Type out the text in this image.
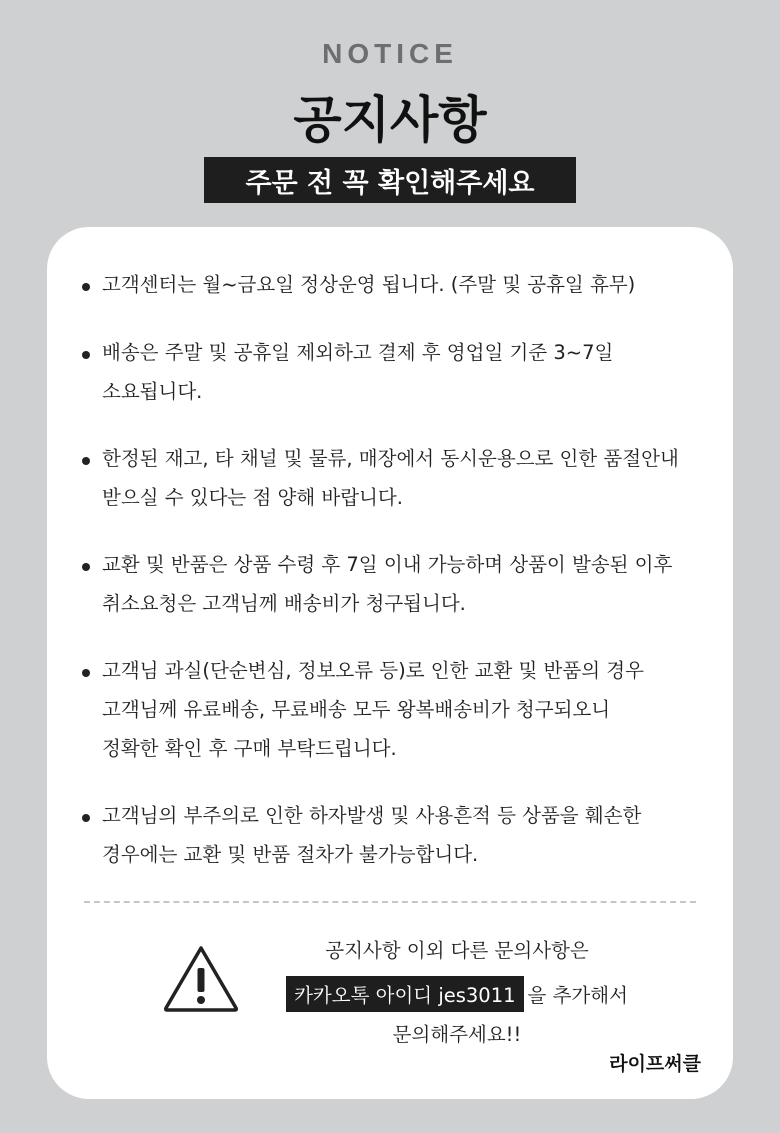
NOTICE
공지사항
주문 전 꼭 확인해주세요
고객센터는 월~금요일 정상운영 됩니다. (주말 및 공휴일 휴무)
배송은 주말 및 공휴일 제외하고 결제 후 영업일 기준 3~7일
소요됩니다.
한정된 재고, 타 채널 및 물류, 매장에서 동시운용으로 인한 품절안내
받으실 수 있다는 점 양해 바랍니다.
교환 및 반품은 상품 수령 후 7일 이내 가능하며 상품이 발송된 이후
취소요청은 고객님께 배송비가 청구됩니다.
고객님 과실(단순변심, 정보오류 등)로 인한 교환 및 반품의 경우
고객님께 유료배송, 무료배송 모두 왕복배송비가 청구되오니
정확한 확인 후 구매 부탁드립니다.
고객님의 부주의로 인한 하자발생 및 사용흔적 등 상품을 훼손한
경우에는 교환 및 반품 절차가 불가능합니다.
공지사항 이외 다른 문의사항은
카카오톡 아이디 jes3011 을 추가해서
문의해주세요!!
라이프써클
